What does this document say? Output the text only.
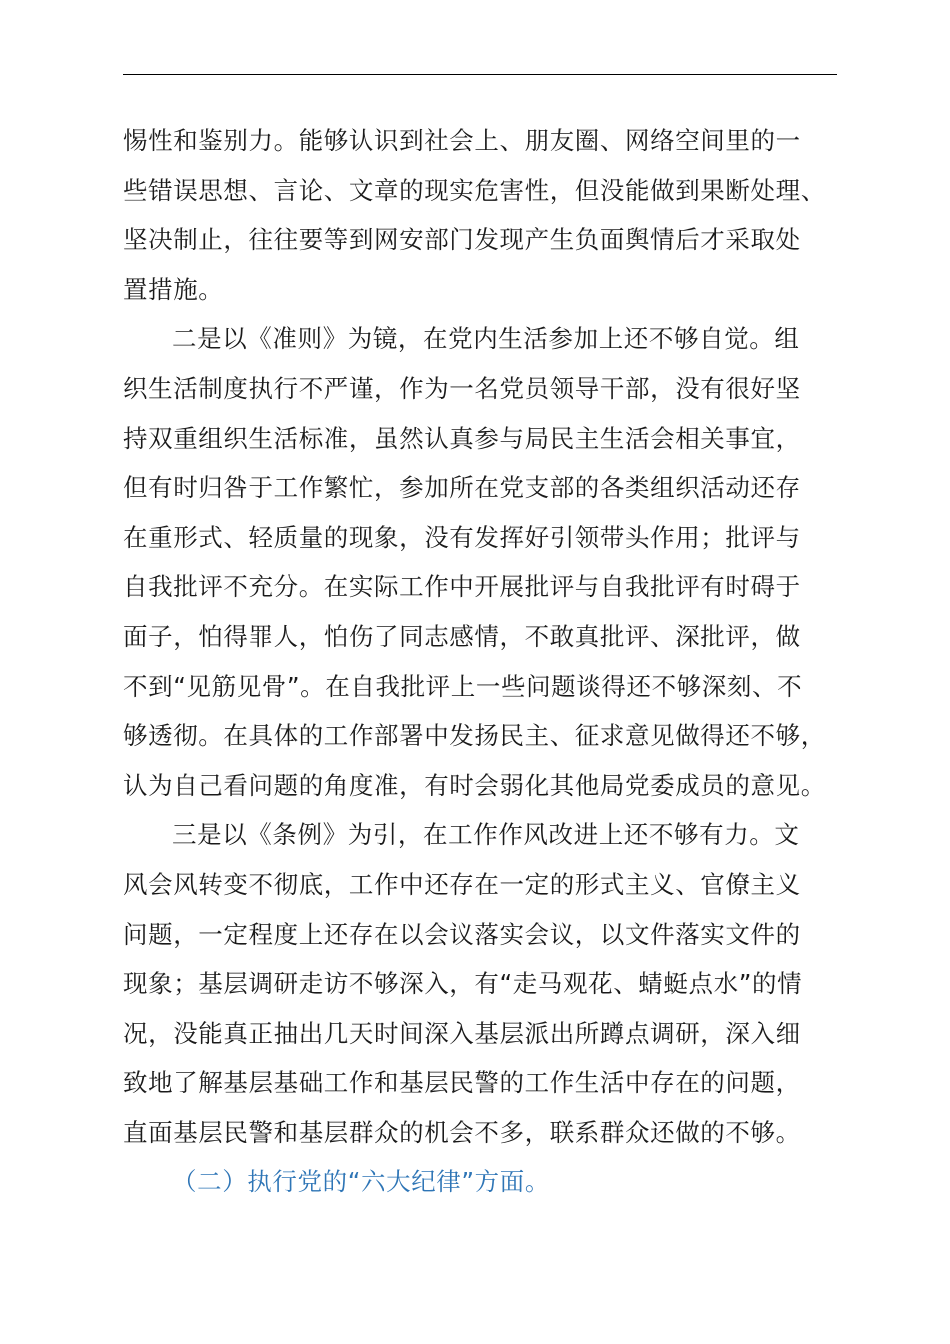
惕性和鉴别力。能够认识到社会上、朋友圈、网络空间里的一
些错误思想、言论、文章的现实危害性，但没能做到果断处理、
坚决制止，往往要等到网安部门发现产生负面舆情后才采取处
置措施。
二是以《准则》为镜，在党内生活参加上还不够自觉。组
织生活制度执行不严谨，作为一名党员领导干部，没有很好坚
持双重组织生活标准，虽然认真参与局民主生活会相关事宜，
但有时归咎于工作繁忙，参加所在党支部的各类组织活动还存
在重形式、轻质量的现象，没有发挥好引领带头作用；批评与
自我批评不充分。在实际工作中开展批评与自我批评有时碍于
面子，怕得罪人，怕伤了同志感情，不敢真批评、深批评，做
不到“见筋见骨”。在自我批评上一些问题谈得还不够深刻、不
够透彻。在具体的工作部署中发扬民主、征求意见做得还不够，
认为自己看问题的角度准，有时会弱化其他局党委成员的意见。
三是以《条例》为引，在工作作风改进上还不够有力。文
风会风转变不彻底，工作中还存在一定的形式主义、官僚主义
问题，一定程度上还存在以会议落实会议，以文件落实文件的
现象；基层调研走访不够深入，有“走马观花、蜻蜓点水”的情
况，没能真正抽出几天时间深入基层派出所蹲点调研，深入细
致地了解基层基础工作和基层民警的工作生活中存在的问题，
直面基层民警和基层群众的机会不多，联系群众还做的不够。
（二）执行党的“六大纪律”方面。
